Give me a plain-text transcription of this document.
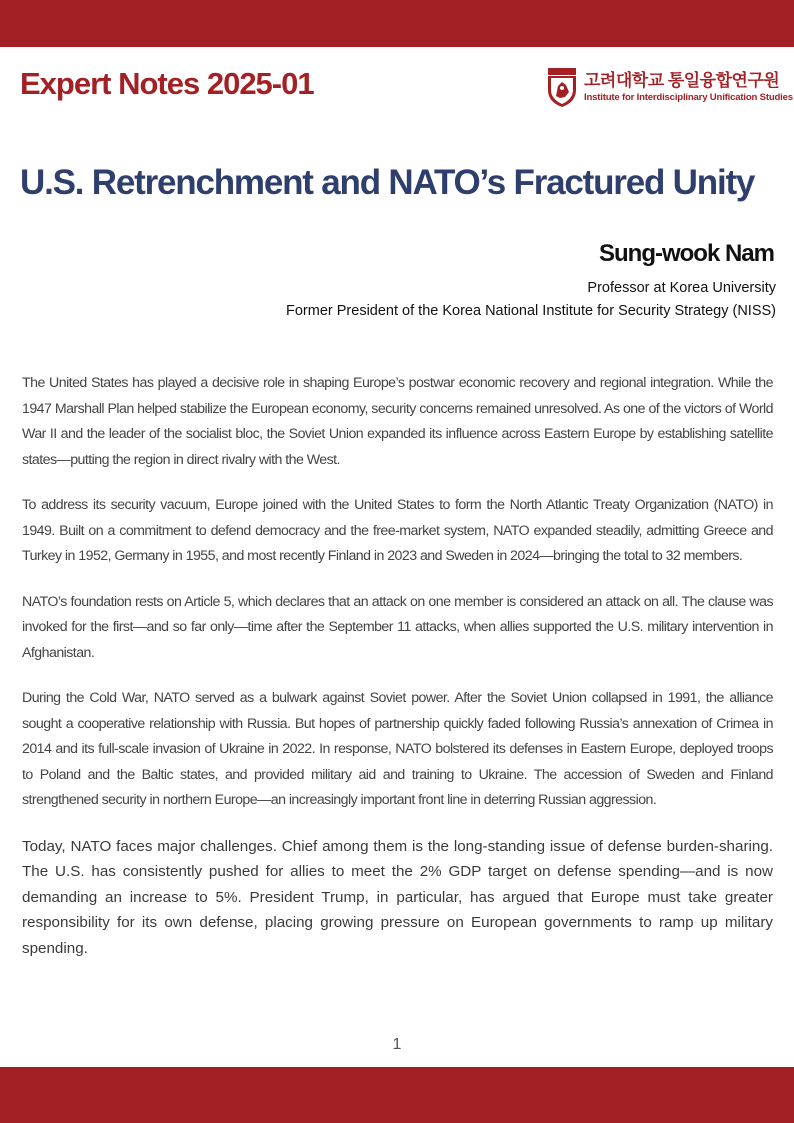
Expert Notes 2025-01	고려대학교 통일융합연구원
Institute for Interdisciplinary Unification Studies
U.S. Retrenchment and NATO’s Fractured Unity
Sung-wook Nam
Professor at Korea University
Former President of the Korea National Institute for Security Strategy (NISS)

The United States has played a decisive role in shaping Europe’s postwar economic recovery and regional integration. While the 1947 Marshall Plan helped stabilize the European economy, security concerns remained unresolved. As one of the victors of World War II and the leader of the socialist bloc, the Soviet Union expanded its influence across Eastern Europe by establishing satellite states—putting the region in direct rivalry with the West.

To address its security vacuum, Europe joined with the United States to form the North Atlantic Treaty Organization (NATO) in 1949. Built on a commitment to defend democracy and the free-market system, NATO expanded steadily, admitting Greece and Turkey in 1952, Germany in 1955, and most recently Finland in 2023 and Sweden in 2024—bringing the total to 32 members.

NATO’s foundation rests on Article 5, which declares that an attack on one member is considered an attack on all. The clause was invoked for the first—and so far only—time after the September 11 attacks, when allies supported the U.S. military intervention in Afghanistan.

During the Cold War, NATO served as a bulwark against Soviet power. After the Soviet Union collapsed in 1991, the alliance sought a cooperative relationship with Russia. But hopes of partnership quickly faded following Russia’s annexation of Crimea in 2014 and its full-scale invasion of Ukraine in 2022. In response, NATO bolstered its defenses in Eastern Europe, deployed troops to Poland and the Baltic states, and provided military aid and training to Ukraine. The accession of Sweden and Finland strengthened security in northern Europe—an increasingly important front line in deterring Russian aggression.

Today, NATO faces major challenges. Chief among them is the long-standing issue of defense burden-sharing. The U.S. has consistently pushed for allies to meet the 2% GDP target on defense spending—and is now demanding an increase to 5%. President Trump, in particular, has argued that Europe must take greater responsibility for its own defense, placing growing pressure on European governments to ramp up military spending.

1
